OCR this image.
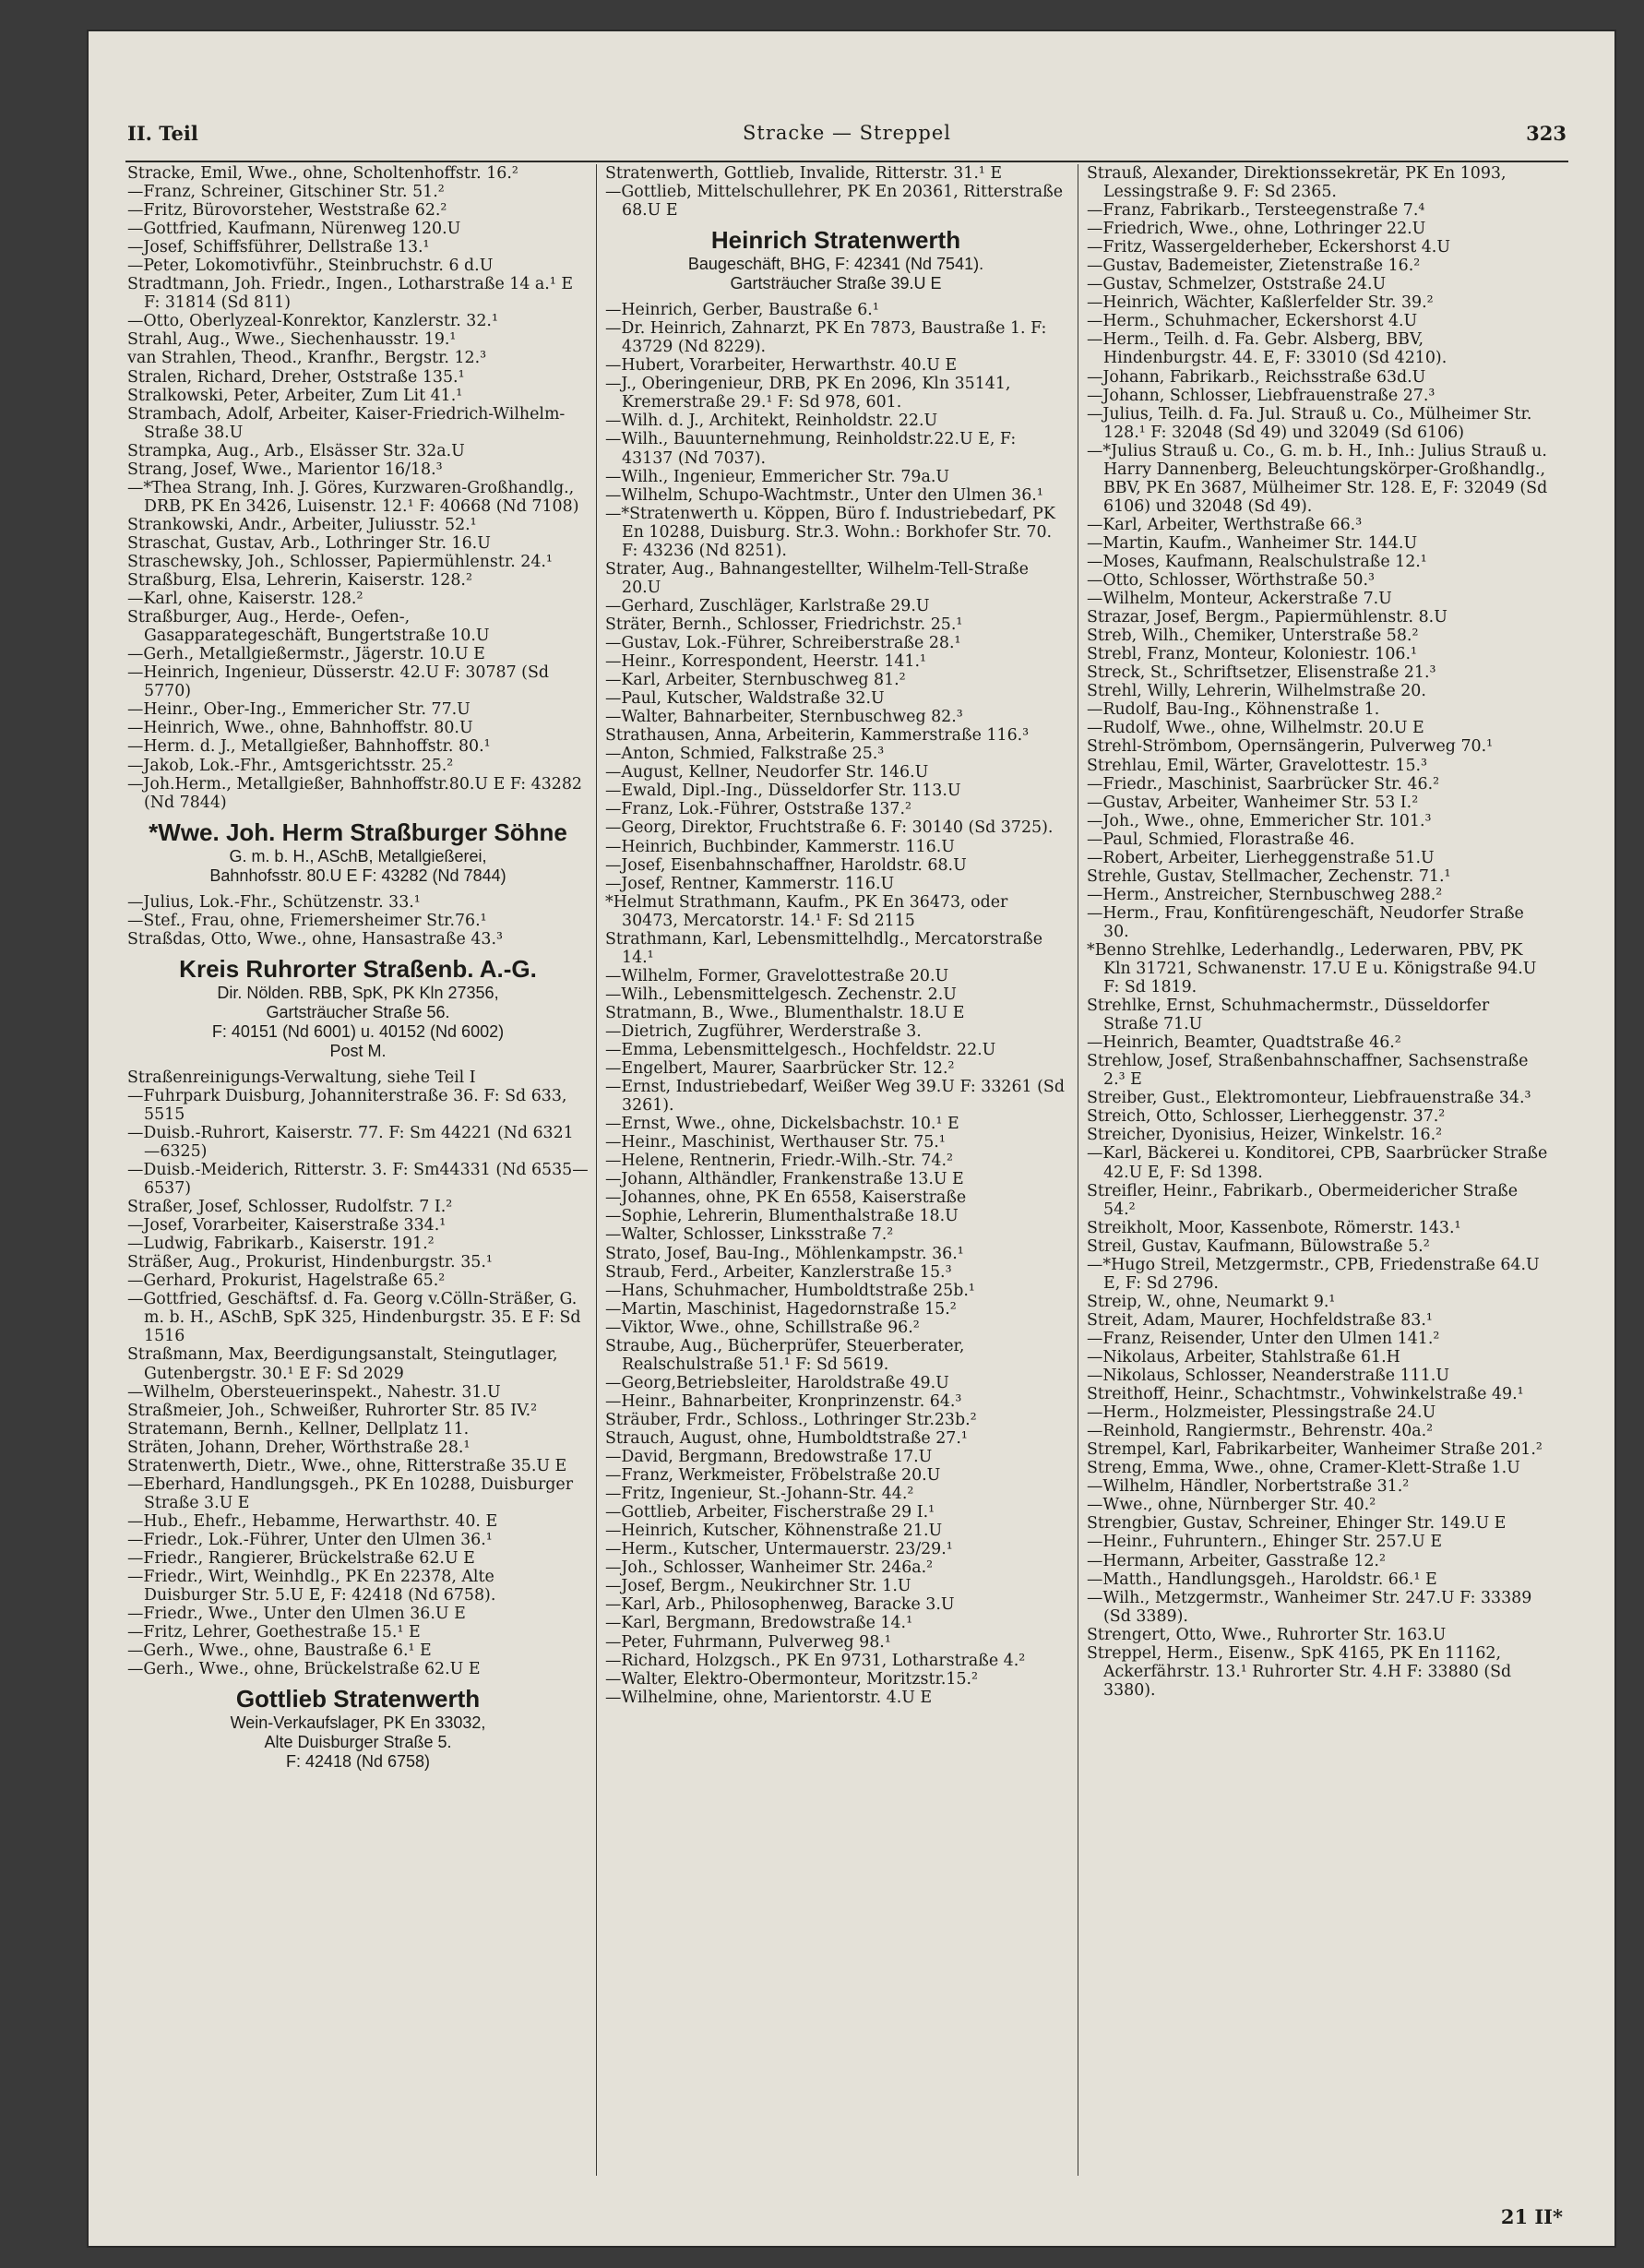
II. Teil	Stracke — Streppel	323

Stracke, Emil, Wwe., ohne, Scholtenhoffstr. 16.²

—Franz, Schreiner, Gitschiner Str. 51.²

—Fritz, Bürovorsteher, Weststraße 62.²

—Gottfried, Kaufmann, Nürenweg 120.U

—Josef, Schiffsführer, Dellstraße 13.¹

—Peter, Lokomotivführ., Steinbruchstr. 6 d.U

Stradtmann, Joh. Friedr., Ingen., Lotharstraße 14 a.¹ E F: 31814 (Sd 811)

—Otto, Oberlyzeal-Konrektor, Kanzlerstr. 32.¹

Strahl, Aug., Wwe., Siechenhausstr. 19.¹

van Strahlen, Theod., Kranfhr., Bergstr. 12.³

Stralen, Richard, Dreher, Oststraße 135.¹

Stralkowski, Peter, Arbeiter, Zum Lit 41.¹

Strambach, Adolf, Arbeiter, Kaiser-Friedrich-Wilhelm-Straße 38.U

Strampka, Aug., Arb., Elsässer Str. 32a.U

Strang, Josef, Wwe., Marientor 16/18.³

—*Thea Strang, Inh. J. Göres, Kurzwaren-Großhandlg., DRB, PK En 3426, Luisenstr. 12.¹ F: 40668 (Nd 7108)

Strankowski, Andr., Arbeiter, Juliusstr. 52.¹

Straschat, Gustav, Arb., Lothringer Str. 16.U

Straschewsky, Joh., Schlosser, Papiermühlenstr. 24.¹

Straßburg, Elsa, Lehrerin, Kaiserstr. 128.²

—Karl, ohne, Kaiserstr. 128.²

Straßburger, Aug., Herde-, Oefen-, Gasapparategeschäft, Bungertstraße 10.U

—Gerh., Metallgießermstr., Jägerstr. 10.U E

—Heinrich, Ingenieur, Düsserstr. 42.U F: 30787 (Sd 5770)

—Heinr., Ober-Ing., Emmericher Str. 77.U

—Heinrich, Wwe., ohne, Bahnhoffstr. 80.U

—Herm. d. J., Metallgießer, Bahnhoffstr. 80.¹

—Jakob, Lok.-Fhr., Amtsgerichtsstr. 25.²

—Joh.Herm., Metallgießer, Bahnhoffstr.80.U E F: 43282 (Nd 7844)

*Wwe. Joh. Herm Straßburger Söhne
G. m. b. H., ASchB, Metallgießerei,
Bahnhofsstr. 80.U E F: 43282 (Nd 7844)

—Julius, Lok.-Fhr., Schützenstr. 33.¹

—Stef., Frau, ohne, Friemersheimer Str.76.¹

Straßdas, Otto, Wwe., ohne, Hansastraße 43.³

Kreis Ruhrorter Straßenb. A.-G.
Dir. Nölden. RBB, SpK, PK Kln 27356,
Gartsträucher Straße 56.
F: 40151 (Nd 6001) u. 40152 (Nd 6002)
Post M.

Straßenreinigungs-Verwaltung, siehe Teil I

—Fuhrpark Duisburg, Johanniterstraße 36. F: Sd 633, 5515

—Duisb.-Ruhrort, Kaiserstr. 77. F: Sm 44221 (Nd 6321—6325)

—Duisb.-Meiderich, Ritterstr. 3. F: Sm44331 (Nd 6535—6537)

Straßer, Josef, Schlosser, Rudolfstr. 7 I.²

—Josef, Vorarbeiter, Kaiserstraße 334.¹

—Ludwig, Fabrikarb., Kaiserstr. 191.²

Sträßer, Aug., Prokurist, Hindenburgstr. 35.¹

—Gerhard, Prokurist, Hagelstraße 65.²

—Gottfried, Geschäftsf. d. Fa. Georg v.Cölln-Sträßer, G. m. b. H., ASchB, SpK 325, Hindenburgstr. 35. E F: Sd 1516

Straßmann, Max, Beerdigungsanstalt, Steingutlager, Gutenbergstr. 30.¹ E F: Sd 2029

—Wilhelm, Obersteuerinspekt., Nahestr. 31.U

Straßmeier, Joh., Schweißer, Ruhrorter Str. 85 IV.²

Stratemann, Bernh., Kellner, Dellplatz 11.

Sträten, Johann, Dreher, Wörthstraße 28.¹

Stratenwerth, Dietr., Wwe., ohne, Ritterstraße 35.U E

—Eberhard, Handlungsgeh., PK En 10288, Duisburger Straße 3.U E

—Hub., Ehefr., Hebamme, Herwarthstr. 40. E

—Friedr., Lok.-Führer, Unter den Ulmen 36.¹

—Friedr., Rangierer, Brückelstraße 62.U E

—Friedr., Wirt, Weinhdlg., PK En 22378, Alte Duisburger Str. 5.U E, F: 42418 (Nd 6758).

—Friedr., Wwe., Unter den Ulmen 36.U E

—Fritz, Lehrer, Goethestraße 15.¹ E

—Gerh., Wwe., ohne, Baustraße 6.¹ E

—Gerh., Wwe., ohne, Brückelstraße 62.U E

Gottlieb Stratenwerth
Wein-Verkaufslager, PK En 33032,
Alte Duisburger Straße 5.
F: 42418 (Nd 6758)

Stratenwerth, Gottlieb, Invalide, Ritterstr. 31.¹ E

—Gottlieb, Mittelschullehrer, PK En 20361, Ritterstraße 68.U E

Heinrich Stratenwerth
Baugeschäft, BHG, F: 42341 (Nd 7541).
Gartsträucher Straße 39.U E

—Heinrich, Gerber, Baustraße 6.¹

—Dr. Heinrich, Zahnarzt, PK En 7873, Baustraße 1. F: 43729 (Nd 8229).

—Hubert, Vorarbeiter, Herwarthstr. 40.U E

—J., Oberingenieur, DRB, PK En 2096, Kln 35141, Kremerstraße 29.¹ F: Sd 978, 601.

—Wilh. d. J., Architekt, Reinholdstr. 22.U

—Wilh., Bauunternehmung, Reinholdstr.22.U E, F: 43137 (Nd 7037).

—Wilh., Ingenieur, Emmericher Str. 79a.U

—Wilhelm, Schupo-Wachtmstr., Unter den Ulmen 36.¹

—*Stratenwerth u. Köppen, Büro f. Industriebedarf, PK En 10288, Duisburg. Str.3. Wohn.: Borkhofer Str. 70. F: 43236 (Nd 8251).

Strater, Aug., Bahnangestellter, Wilhelm-Tell-Straße 20.U

—Gerhard, Zuschläger, Karlstraße 29.U

Sträter, Bernh., Schlosser, Friedrichstr. 25.¹

—Gustav, Lok.-Führer, Schreiberstraße 28.¹

—Heinr., Korrespondent, Heerstr. 141.¹

—Karl, Arbeiter, Sternbuschweg 81.²

—Paul, Kutscher, Waldstraße 32.U

—Walter, Bahnarbeiter, Sternbuschweg 82.³

Strathausen, Anna, Arbeiterin, Kammerstraße 116.³

—Anton, Schmied, Falkstraße 25.³

—August, Kellner, Neudorfer Str. 146.U

—Ewald, Dipl.-Ing., Düsseldorfer Str. 113.U

—Franz, Lok.-Führer, Oststraße 137.²

—Georg, Direktor, Fruchtstraße 6. F: 30140 (Sd 3725).

—Heinrich, Buchbinder, Kammerstr. 116.U

—Josef, Eisenbahnschaffner, Haroldstr. 68.U

—Josef, Rentner, Kammerstr. 116.U

*Helmut Strathmann, Kaufm., PK En 36473, oder 30473, Mercatorstr. 14.¹ F: Sd 2115

Strathmann, Karl, Lebensmittelhdlg., Mercatorstraße 14.¹

—Wilhelm, Former, Gravelottestraße 20.U

—Wilh., Lebensmittelgesch. Zechenstr. 2.U

Stratmann, B., Wwe., Blumenthalstr. 18.U E

—Dietrich, Zugführer, Werderstraße 3.

—Emma, Lebensmittelgesch., Hochfeldstr. 22.U

—Engelbert, Maurer, Saarbrücker Str. 12.²

—Ernst, Industriebedarf, Weißer Weg 39.U F: 33261 (Sd 3261).

—Ernst, Wwe., ohne, Dickelsbachstr. 10.¹ E

—Heinr., Maschinist, Werthauser Str. 75.¹

—Helene, Rentnerin, Friedr.-Wilh.-Str. 74.²

—Johann, Althändler, Frankenstraße 13.U E

—Johannes, ohne, PK En 6558, Kaiserstraße

—Sophie, Lehrerin, Blumenthalstraße 18.U

—Walter, Schlosser, Linksstraße 7.²

Strato, Josef, Bau-Ing., Möhlenkampstr. 36.¹

Straub, Ferd., Arbeiter, Kanzlerstraße 15.³

—Hans, Schuhmacher, Humboldtstraße 25b.¹

—Martin, Maschinist, Hagedornstraße 15.²

—Viktor, Wwe., ohne, Schillstraße 96.²

Straube, Aug., Bücherprüfer, Steuerberater, Realschulstraße 51.¹ F: Sd 5619.

—Georg,Betriebsleiter, Haroldstraße 49.U

—Heinr., Bahnarbeiter, Kronprinzenstr. 64.³

Sträuber, Frdr., Schloss., Lothringer Str.23b.²

Strauch, August, ohne, Humboldtstraße 27.¹

—David, Bergmann, Bredowstraße 17.U

—Franz, Werkmeister, Fröbelstraße 20.U

—Fritz, Ingenieur, St.-Johann-Str. 44.²

—Gottlieb, Arbeiter, Fischerstraße 29 I.¹

—Heinrich, Kutscher, Köhnenstraße 21.U

—Herm., Kutscher, Untermauerstr. 23/29.¹

—Joh., Schlosser, Wanheimer Str. 246a.²

—Josef, Bergm., Neukirchner Str. 1.U

—Karl, Arb., Philosophenweg, Baracke 3.U

—Karl, Bergmann, Bredowstraße 14.¹

—Peter, Fuhrmann, Pulverweg 98.¹

—Richard, Holzgsch., PK En 9731, Lotharstraße 4.²

—Walter, Elektro-Obermonteur, Moritzstr.15.²

—Wilhelmine, ohne, Marientorstr. 4.U E

Strauß, Alexander, Direktionssekretär, PK En 1093, Lessingstraße 9. F: Sd 2365.

—Franz, Fabrikarb., Tersteegenstraße 7.⁴

—Friedrich, Wwe., ohne, Lothringer 22.U

—Fritz, Wassergelderheber, Eckershorst 4.U

—Gustav, Bademeister, Zietenstraße 16.²

—Gustav, Schmelzer, Oststraße 24.U

—Heinrich, Wächter, Kaßlerfelder Str. 39.²

—Herm., Schuhmacher, Eckershorst 4.U

—Herm., Teilh. d. Fa. Gebr. Alsberg, BBV, Hindenburgstr. 44. E, F: 33010 (Sd 4210).

—Johann, Fabrikarb., Reichsstraße 63d.U

—Johann, Schlosser, Liebfrauenstraße 27.³

—Julius, Teilh. d. Fa. Jul. Strauß u. Co., Mülheimer Str. 128.¹ F: 32048 (Sd 49) und 32049 (Sd 6106)

—*Julius Strauß u. Co., G. m. b. H., Inh.: Julius Strauß u. Harry Dannenberg, Beleuchtungskörper-Großhandlg., BBV, PK En 3687, Mülheimer Str. 128. E, F: 32049 (Sd 6106) und 32048 (Sd 49).

—Karl, Arbeiter, Werthstraße 66.³

—Martin, Kaufm., Wanheimer Str. 144.U

—Moses, Kaufmann, Realschulstraße 12.¹

—Otto, Schlosser, Wörthstraße 50.³

—Wilhelm, Monteur, Ackerstraße 7.U

Strazar, Josef, Bergm., Papiermühlenstr. 8.U

Streb, Wilh., Chemiker, Unterstraße 58.²

Strebl, Franz, Monteur, Koloniestr. 106.¹

Streck, St., Schriftsetzer, Elisenstraße 21.³

Strehl, Willy, Lehrerin, Wilhelmstraße 20.

—Rudolf, Bau-Ing., Köhnenstraße 1.

—Rudolf, Wwe., ohne, Wilhelmstr. 20.U E

Strehl-Strömbom, Opernsängerin, Pulverweg 70.¹

Strehlau, Emil, Wärter, Gravelottestr. 15.³

—Friedr., Maschinist, Saarbrücker Str. 46.²

—Gustav, Arbeiter, Wanheimer Str. 53 I.²

—Joh., Wwe., ohne, Emmericher Str. 101.³

—Paul, Schmied, Florastraße 46.

—Robert, Arbeiter, Lierheggenstraße 51.U

Strehle, Gustav, Stellmacher, Zechenstr. 71.¹

—Herm., Anstreicher, Sternbuschweg 288.²

—Herm., Frau, Konfitürengeschäft, Neudorfer Straße 30.

*Benno Strehlke, Lederhandlg., Lederwaren, PBV, PK Kln 31721, Schwanenstr. 17.U E u. Königstraße 94.U F: Sd 1819.

Strehlke, Ernst, Schuhmachermstr., Düsseldorfer Straße 71.U

—Heinrich, Beamter, Quadtstraße 46.²

Strehlow, Josef, Straßenbahnschaffner, Sachsenstraße 2.³ E

Streiber, Gust., Elektromonteur, Liebfrauenstraße 34.³

Streich, Otto, Schlosser, Lierheggenstr. 37.²

Streicher, Dyonisius, Heizer, Winkelstr. 16.²

—Karl, Bäckerei u. Konditorei, CPB, Saarbrücker Straße 42.U E, F: Sd 1398.

Streifler, Heinr., Fabrikarb., Obermeidericher Straße 54.²

Streikholt, Moor, Kassenbote, Römerstr. 143.¹

Streil, Gustav, Kaufmann, Bülowstraße 5.²

—*Hugo Streil, Metzgermstr., CPB, Friedenstraße 64.U E, F: Sd 2796.

Streip, W., ohne, Neumarkt 9.¹

Streit, Adam, Maurer, Hochfeldstraße 83.¹

—Franz, Reisender, Unter den Ulmen 141.²

—Nikolaus, Arbeiter, Stahlstraße 61.H

—Nikolaus, Schlosser, Neanderstraße 111.U

Streithoff, Heinr., Schachtmstr., Vohwinkelstraße 49.¹

—Herm., Holzmeister, Plessingstraße 24.U

—Reinhold, Rangiermstr., Behrenstr. 40a.²

Strempel, Karl, Fabrikarbeiter, Wanheimer Straße 201.²

Streng, Emma, Wwe., ohne, Cramer-Klett-Straße 1.U

—Wilhelm, Händler, Norbertstraße 31.²

—Wwe., ohne, Nürnberger Str. 40.²

Strengbier, Gustav, Schreiner, Ehinger Str. 149.U E

—Heinr., Fuhruntern., Ehinger Str. 257.U E

—Hermann, Arbeiter, Gasstraße 12.²

—Matth., Handlungsgeh., Haroldstr. 66.¹ E

—Wilh., Metzgermstr., Wanheimer Str. 247.U F: 33389 (Sd 3389).

Strengert, Otto, Wwe., Ruhrorter Str. 163.U

Streppel, Herm., Eisenw., SpK 4165, PK En 11162, Ackerfährstr. 13.¹ Ruhrorter Str. 4.H F: 33880 (Sd 3380).

21 II*
